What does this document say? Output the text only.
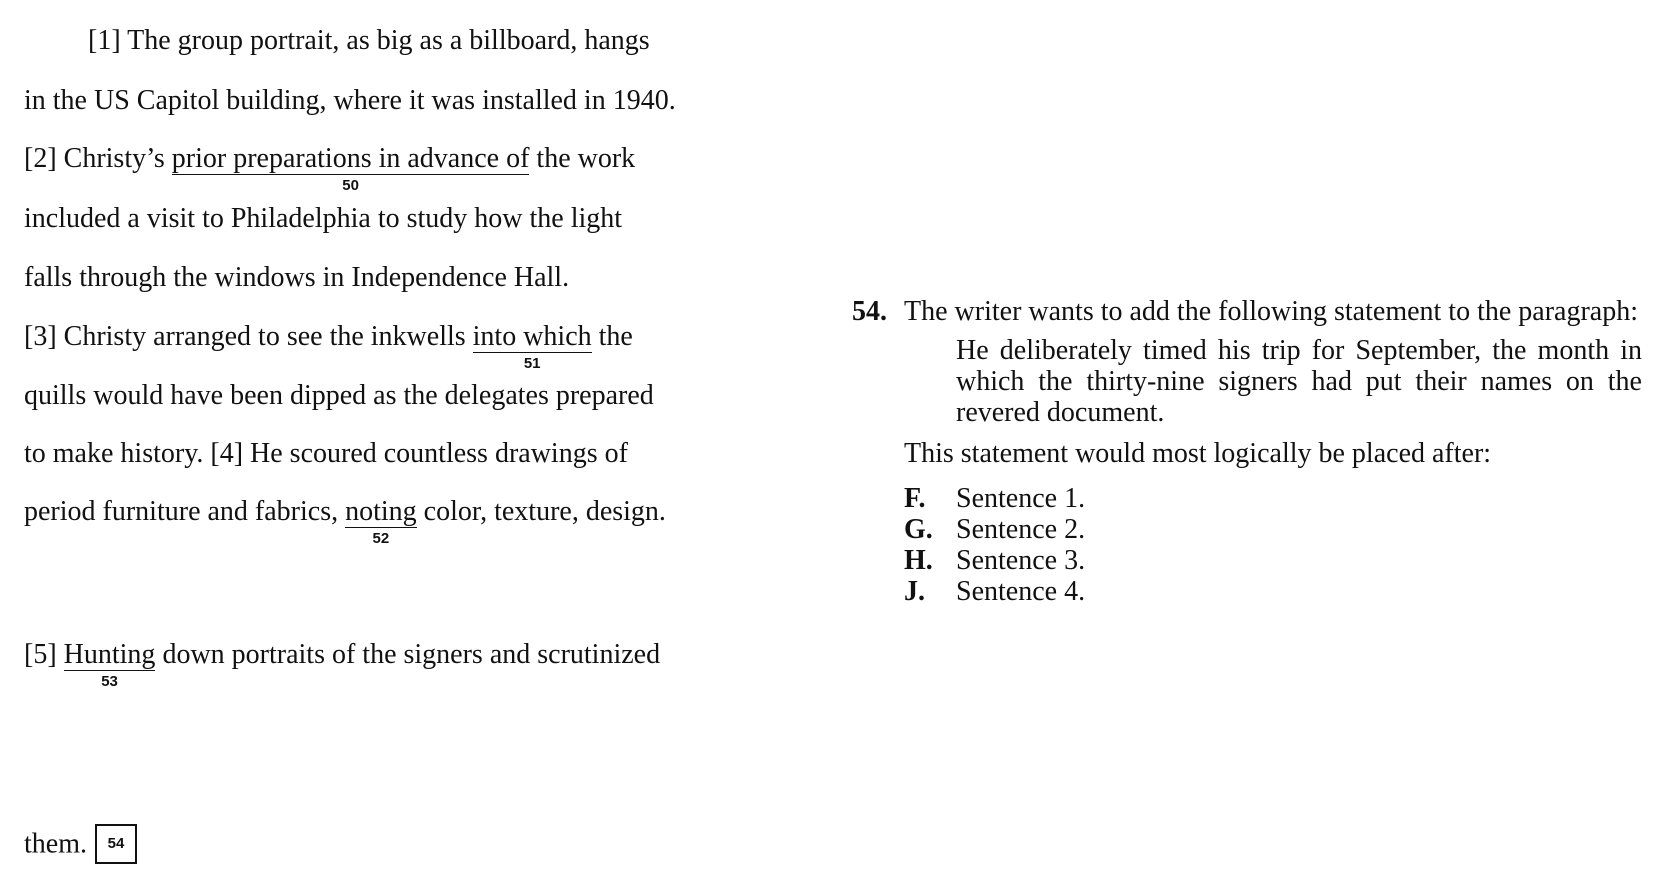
[1] The group portrait, as big as a billboard, hangs
in the US Capitol building, where it was installed in 1940.
[2] Christy’s prior preparations in advance of
50
the work
included a visit to Philadelphia to study how the light
falls through the windows in Independence Hall.
[3] Christy arranged to see the inkwells into which
51
the
quills would have been dipped as the delegates prepared
to make history. [4] He scoured countless drawings of
period furniture and fabrics, noting
52
color, texture, design.
[5] Hunting
53
down portraits of the signers and scrutinized
them. 54
54. The writer wants to add the following statement to the paragraph:
He deliberately timed his trip for September, the month in which the thirty-nine signers had put their names on the revered document.
This statement would most logically be placed after:
F. Sentence 1.
G. Sentence 2.
H. Sentence 3.
J. Sentence 4.
